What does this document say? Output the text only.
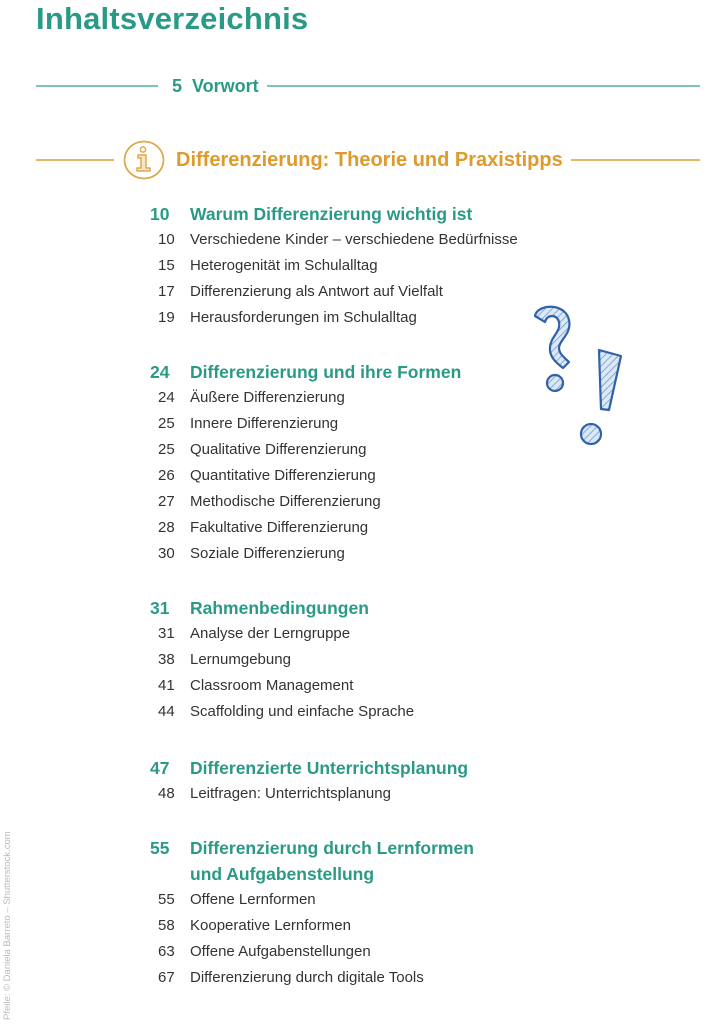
Inhaltsverzeichnis
5 Vorwort
Differenzierung: Theorie und Praxistipps
10	Warum Differenzierung wichtig ist
10	Verschiedene Kinder – verschiedene Bedürfnisse
15	Heterogenität im Schulalltag
17	Differenzierung als Antwort auf Vielfalt
19	Herausforderungen im Schulalltag
24	Differenzierung und ihre Formen
24	Äußere Differenzierung
25	Innere Differenzierung
25	Qualitative Differenzierung
26	Quantitative Differenzierung
27	Methodische Differenzierung
28	Fakultative Differenzierung
30	Soziale Differenzierung
31	Rahmenbedingungen
31	Analyse der Lerngruppe
38	Lernumgebung
41	Classroom Management
44	Scaffolding und einfache Sprache
47	Differenzierte Unterrichtsplanung
48	Leitfragen: Unterrichtsplanung
55	Differenzierung durch Lernformen
und Aufgabenstellung
55	Offene Lernformen
58	Kooperative Lernformen
63	Offene Aufgabenstellungen
67	Differenzierung durch digitale Tools
Pfeile: © Daniela Barreto – Shutterstock.com
